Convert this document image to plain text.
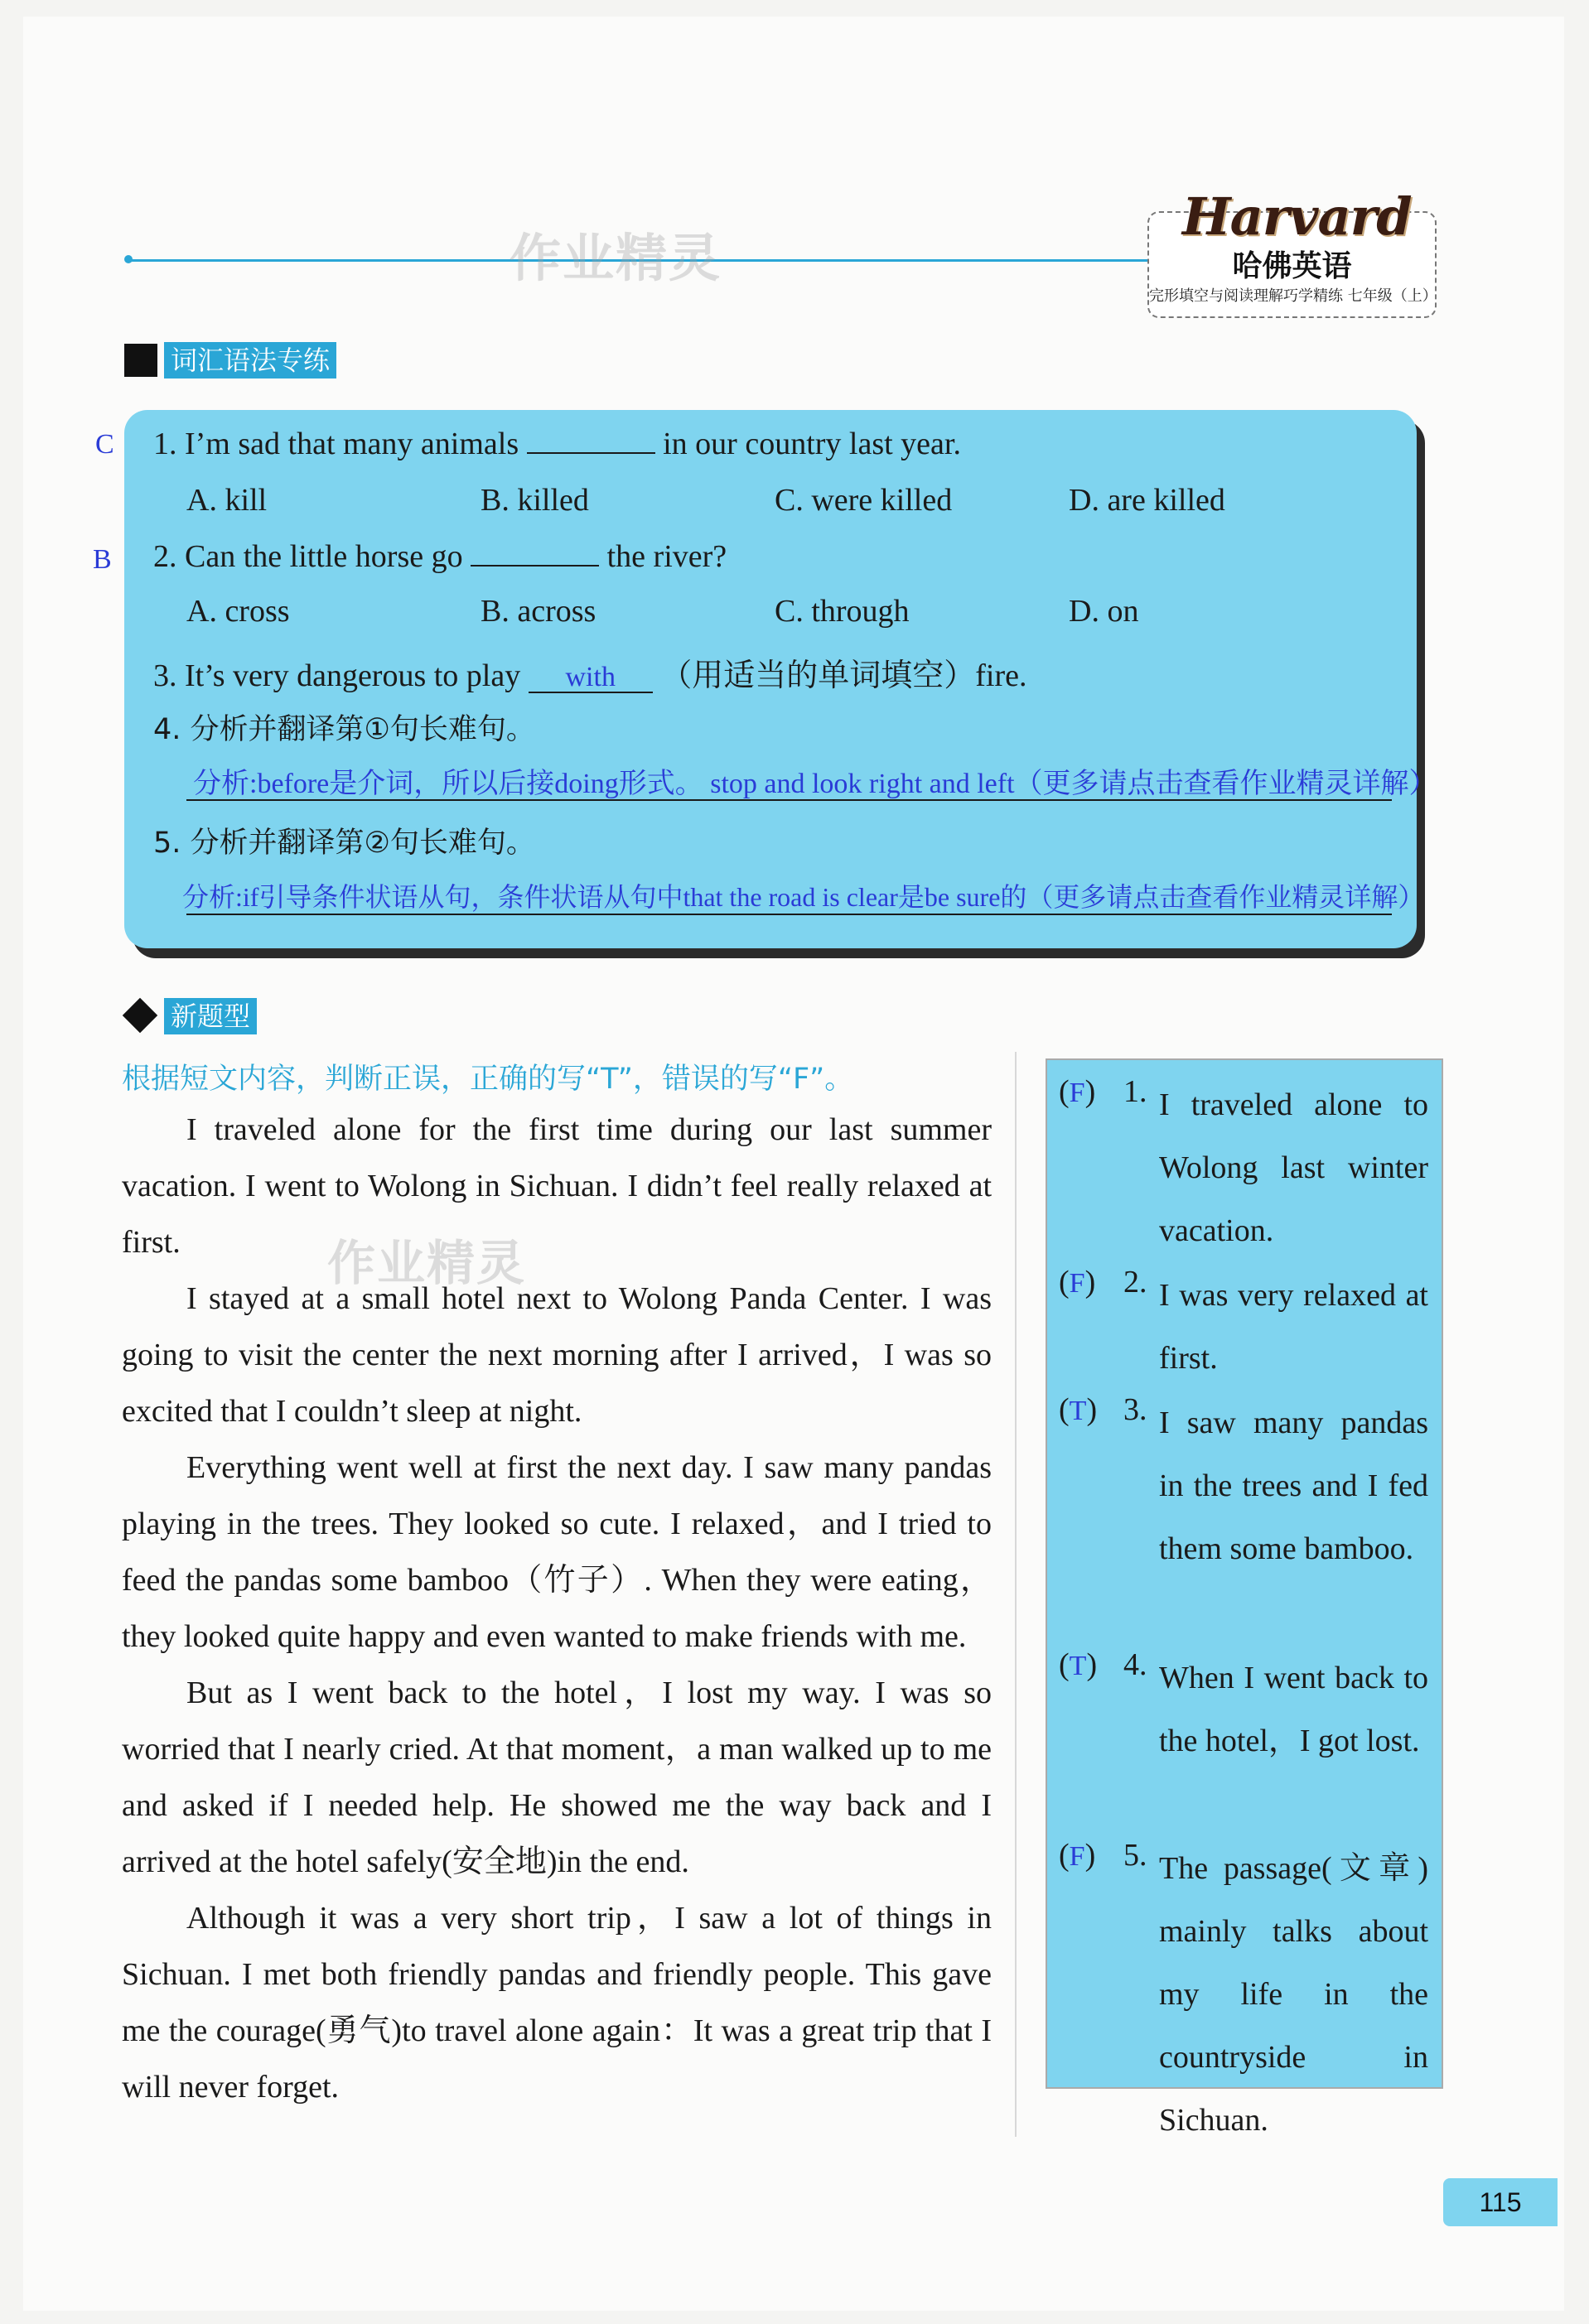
作业精灵
Harvard
哈佛英语
完形填空与阅读理解巧学精练 七年级（上）
词汇语法专练
C 1. I’m sad that many animals	in our country last year.
A. kill	B. killed	C. were killed	D. are killed
B 2. Can the little horse go	the river?
A. cross	B. across	C. through	D. on
3. It’s very dangerous to play with （用适当的单词填空）fire.
4. 分析并翻译第①句长难句。
分析:before是介词，所以后接doing形式。 stop and look right and left（更多请点击查看作业精灵详解）
5. 分析并翻译第②句长难句。
分析:if引导条件状语从句，条件状语从句中that the road is clear是be sure的（更多请点击查看作业精灵详解）
新题型
根据短文内容，判断正误，正确的写“T”，错误的写“F”。

I traveled alone for the first time during our last summer vacation. I went to Wolong in Sichuan. I didn’t feel really relaxed at first.

I stayed at a small hotel next to Wolong Panda Center. I was going to visit the center the next morning after I arrived，I was so excited that I couldn’t sleep at night.

Everything went well at first the next day. I saw many pandas playing in the trees. They looked so cute. I relaxed，and I tried to feed the pandas some bamboo（竹子）. When they were eating，they looked quite happy and even wanted to make friends with me.

But as I went back to the hotel，I lost my way. I was so worried that I nearly cried. At that moment，a man walked up to me and asked if I needed help. He showed me the way back and I arrived at the hotel safely(安全地)in the end.

Although it was a very short trip，I saw a lot of things in Sichuan. I met both friendly pandas and friendly people. This gave me the courage(勇气)to travel alone again：It was a great trip that I will never forget.

作业精灵
(F) 1. I traveled alone to Wolong last winter vacation.
(F) 2. I was very relaxed at first.
(T) 3. I saw many pandas in the trees and I fed them some bamboo.
(T) 4. When I went back to the hotel，I got lost.
(F) 5. The passage(文章) mainly talks about my life in the countryside in Sichuan.
115
